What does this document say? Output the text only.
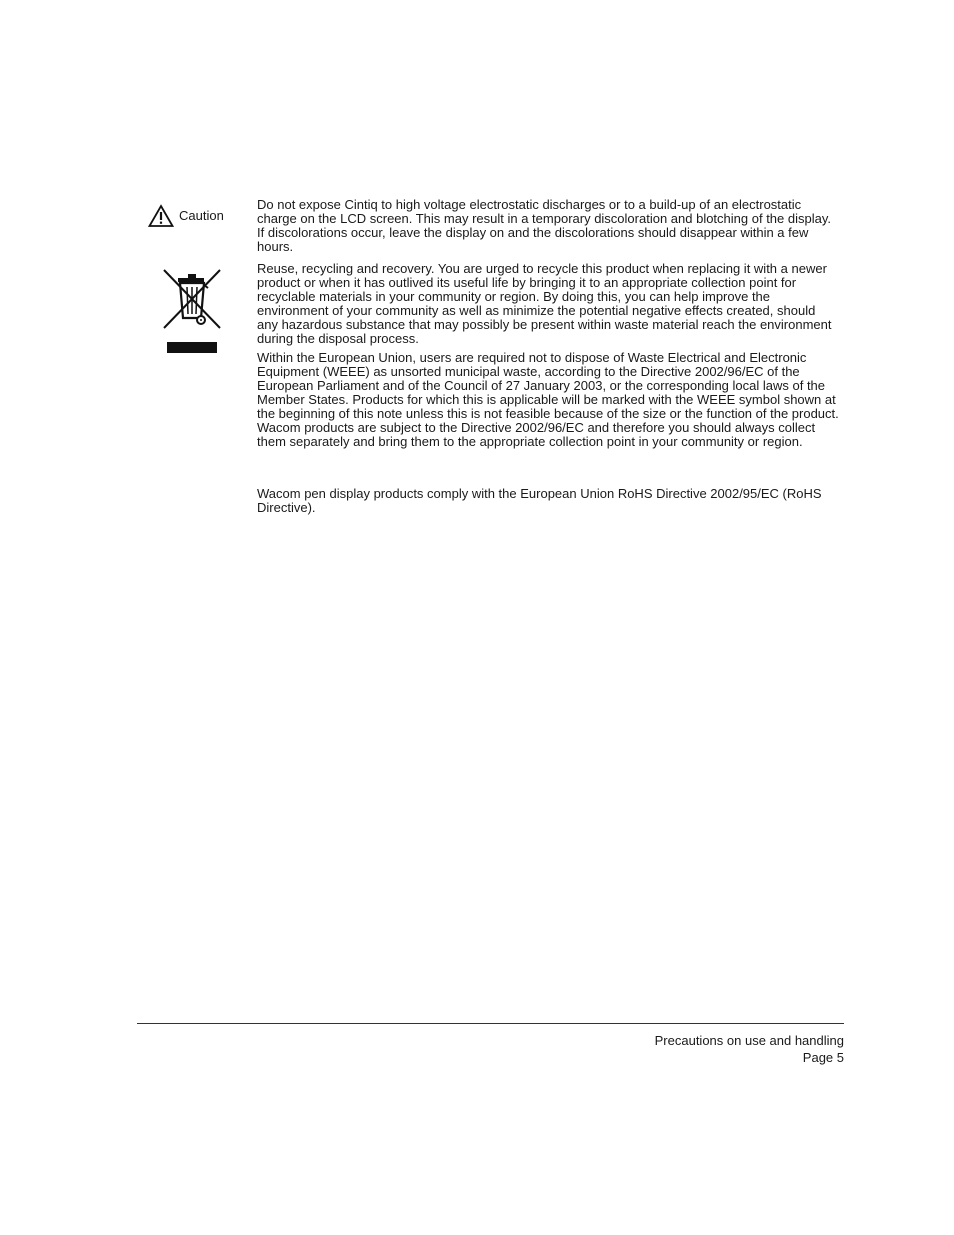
Caution

Do not expose Cintiq to high voltage electrostatic discharges or to a build-up of an electrostatic charge on the LCD screen. This may result in a temporary discoloration and blotching of the display. If discolorations occur, leave the display on and the discolorations should disappear within a few hours.

Reuse, recycling and recovery. You are urged to recycle this product when replacing it with a newer product or when it has outlived its useful life by bringing it to an appropriate collection point for recyclable materials in your community or region. By doing this, you can help improve the environment of your community as well as minimize the potential negative effects created, should any hazardous substance that may possibly be present within waste material reach the environment during the disposal process.

Within the European Union, users are required not to dispose of Waste Electrical and Electronic Equipment (WEEE) as unsorted municipal waste, according to the Directive 2002/96/EC of the European Parliament and of the Council of 27 January 2003, or the corresponding local laws of the Member States. Products for which this is applicable will be marked with the WEEE symbol shown at the beginning of this note unless this is not feasible because of the size or the function of the product. Wacom products are subject to the Directive 2002/96/EC and therefore you should always collect them separately and bring them to the appropriate collection point in your community or region.

Wacom pen display products comply with the European Union RoHS Directive 2002/95/EC (RoHS Directive).

Precautions on use and handling
Page 5
